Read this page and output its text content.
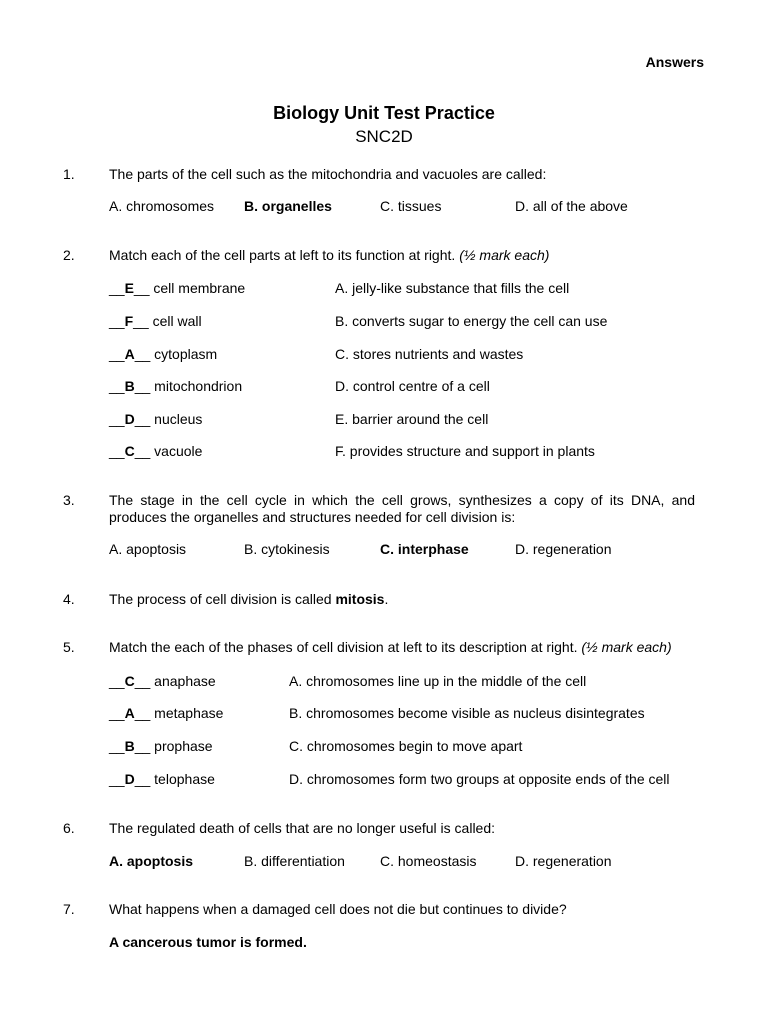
Answers
Biology Unit Test Practice
SNC2D
1. The parts of the cell such as the mitochondria and vacuoles are called:
A. chromosomes B. organelles	C. tissues	D. all of the above
2. Match each of the cell parts at left to its function at right. (½ mark each)
__E__ cell membrane	A. jelly-like substance that fills the cell
__F__ cell wall	B. converts sugar to energy the cell can use
__A__ cytoplasm	C. stores nutrients and wastes
__B__ mitochondrion	D. control centre of a cell
__D__ nucleus	E. barrier around the cell
__C__ vacuole	F. provides structure and support in plants
3. The stage in the cell cycle in which the cell grows, synthesizes a copy of its DNA, and produces the organelles and structures needed for cell division is:
A. apoptosis	B. cytokinesis	C. interphase	D. regeneration
4. The process of cell division is called mitosis.
5. Match the each of the phases of cell division at left to its description at right. (½ mark each)
__C__ anaphase	A. chromosomes line up in the middle of the cell
__A__ metaphase	B. chromosomes become visible as nucleus disintegrates
__B__ prophase	C. chromosomes begin to move apart
__D__ telophase	D. chromosomes form two groups at opposite ends of the cell
6. The regulated death of cells that are no longer useful is called:
A. apoptosis	B. differentiation	C. homeostasis	D. regeneration
7. What happens when a damaged cell does not die but continues to divide?
A cancerous tumor is formed.
